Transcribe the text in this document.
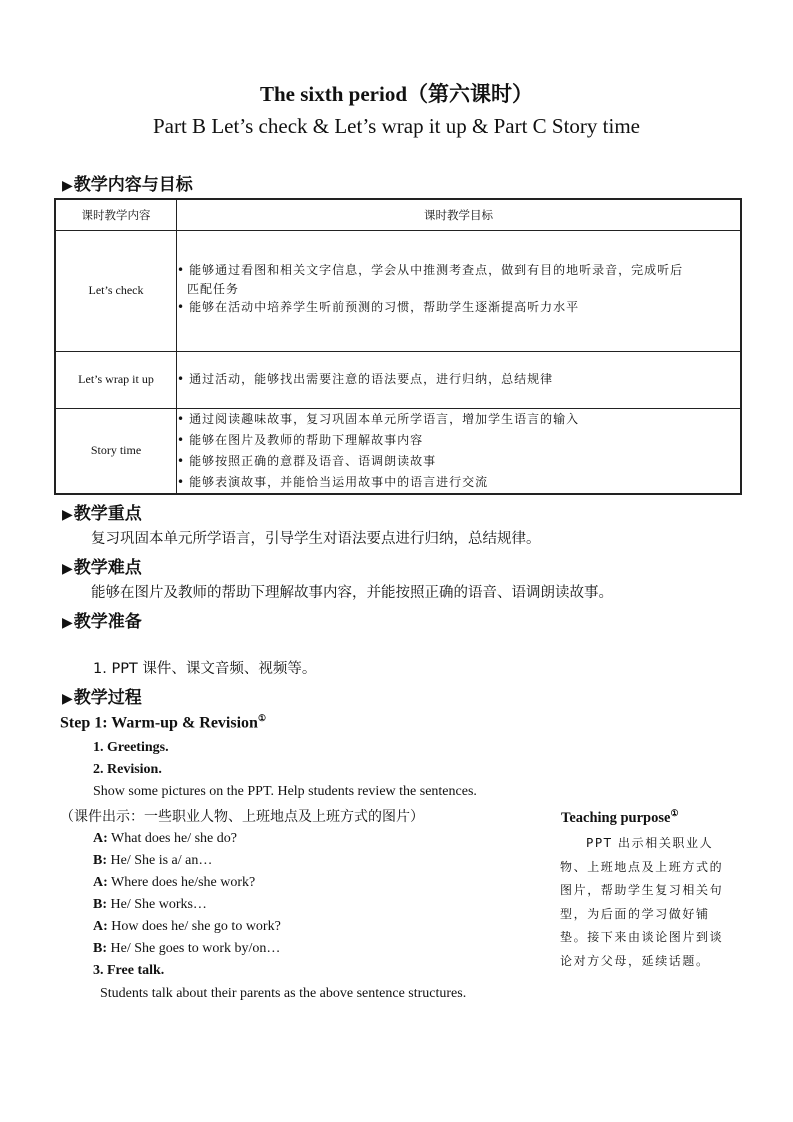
The sixth period（第六课时）
Part B Let’s check & Let’s wrap it up & Part C Story time
▶教学内容与目标
课时教学内容	课时教学目标
Let’s check	• 能够通过看图和相关文字信息，学会从中推测考查点，做到有目的地听录音，完成听后
匹配任务
• 能够在活动中培养学生听前预测的习惯，帮助学生逐渐提高听力水平

Let’s wrap it up	• 通过活动，能够找出需要注意的语法要点，进行归纳，总结规律

Story time	• 通过阅读趣味故事，复习巩固本单元所学语言，增加学生语言的输入
• 能够在图片及教师的帮助下理解故事内容
• 能够按照正确的意群及语音、语调朗读故事
• 能够表演故事，并能恰当运用故事中的语言进行交流
▶教学重点
复习巩固本单元所学语言，引导学生对语法要点进行归纳，总结规律。
▶教学难点
能够在图片及教师的帮助下理解故事内容，并能按照正确的语音、语调朗读故事。
▶教学准备
1. PPT 课件、课文音频、视频等。
▶教学过程
Step 1: Warm-up & Revision①
1. Greetings.
2. Revision.
Show some pictures on the PPT. Help students review the sentences.
（课件出示：一些职业人物、上班地点及上班方式的图片）
A: What does he/ she do?
B: He/ She is a/ an…
A: Where does he/she work?
B: He/ She works…
A: How does he/ she go to work?
B: He/ She goes to work by/on…
3. Free talk.
Students talk about their parents as the above sentence structures.
Teaching purpose①
PPT 出示相关职业人物、上班地点及上班方式的图片，帮助学生复习相关句型，为后面的学习做好铺垫。接下来由谈论图片到谈论对方父母，延续话题。
